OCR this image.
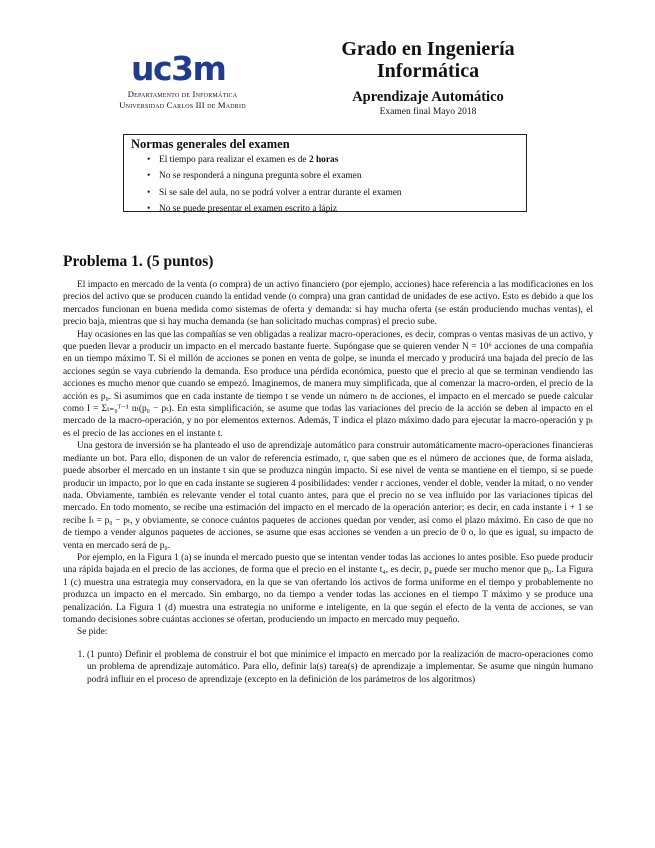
uc3m
Departamento de Informática
Universidad Carlos III de Madrid
Grado en Ingeniería
Informática
Aprendizaje Automático
Examen final Mayo 2018
Normas generales del examen
• El tiempo para realizar el examen es de 2 horas
• No se responderá a ninguna pregunta sobre el examen
• Si se sale del aula, no se podrá volver a entrar durante el examen
• No se puede presentar el examen escrito a lápiz
Problema 1. (5 puntos)

El impacto en mercado de la venta (o compra) de un activo financiero (por ejemplo, acciones) hace referencia a las modificaciones en los precios del activo que se producen cuando la entidad vende (o compra) una gran cantidad de unidades de ese activo. Esto es debido a que los mercados funcionan en buena medida como sistemas de oferta y demanda: si hay mucha oferta (se están produciendo muchas ventas), el precio baja, mientras que si hay mucha demanda (se han solicitado muchas compras) el precio sube.

Hay ocasiones en las que las compañías se ven obligadas a realizar macro-operaciones, es decir, compras o ventas masivas de un activo, y que pueden llevar a producir un impacto en el mercado bastante fuerte. Supóngase que se quieren vender N = 10⁶ acciones de una compañía en un tiempo máximo T. Si el millón de acciones se ponen en venta de golpe, se inunda el mercado y producirá una bajada del precio de las acciones según se vaya cubriendo la demanda. Eso produce una pérdida económica, puesto que el precio al que se terminan vendiendo las acciones es mucho menor que cuando se empezó. Imaginemos, de manera muy simplificada, que al comenzar la macro-orden, el precio de la acción es p₀. Si asumimos que en cada instante de tiempo t se vende un número nₜ de acciones, el impacto en el mercado se puede calcular como I = Σₜ₌₀ᵀ⁻¹ nₜ(p₀ − pₜ). En esta simplificación, se asume que todas las variaciones del precio de la acción se deben al impacto en el mercado de la macro-operación, y no por elementos externos. Además, T indica el plazo máximo dado para ejecutar la macro-operación y pₜ es el precio de las acciones en el instante t.

Una gestora de inversión se ha planteado el uso de aprendizaje automático para construir automáticamente macro-operaciones financieras mediante un bot. Para ello, disponen de un valor de referencia estimado, r, que saben que es el número de acciones que, de forma aislada, puede absorber el mercado en un instante t sin que se produzca ningún impacto. Si ese nivel de venta se mantiene en el tiempo, sí se puede producir un impacto, por lo que en cada instante se sugieren 4 posibilidades: vender r acciones, vender el doble, vender la mitad, o no vender nada. Obviamente, también es relevante vender el total cuanto antes, para que el precio no se vea influido por las variaciones típicas del mercado. En todo momento, se recibe una estimación del impacto en el mercado de la operación anterior; es decir, en cada instante i + 1 se recibe Iₜ = p₀ − pₜ, y obviamente, se conoce cuántos paquetes de acciones quedan por vender, así como el plazo máximo. En caso de que no de tiempo a vender algunos paquetes de acciones, se asume que esas acciones se venden a un precio de 0 o, lo que es igual, su impacto de venta en mercado será de p₀.

Por ejemplo, en la Figura 1 (a) se inunda el mercado puesto que se intentan vender todas las acciones lo antes posible. Eso puede producir una rápida bajada en el precio de las acciones, de forma que el precio en el instante t₄, es decir, p₄ puede ser mucho menor que p₀. La Figura 1 (c) muestra una estrategia muy conservadora, en la que se van ofertando los activos de forma uniforme en el tiempo y probablemente no produzca un impacto en el mercado. Sin embargo, no da tiempo a vender todas las acciones en el tiempo T máximo y se produce una penalización. La Figura 1 (d) muestra una estrategia no uniforme e inteligente, en la que según el efecto de la venta de acciones, se van tomando decisiones sobre cuántas acciones se ofertan, produciendo un impacto en mercado muy pequeño.

Se pide:

1. (1 punto) Definir el problema de construir el bot que minimice el impacto en mercado por la realización de macro-operaciones como un problema de aprendizaje automático. Para ello, definir la(s) tarea(s) de aprendizaje a implementar. Se asume que ningún humano podrá influir en el proceso de aprendizaje (excepto en la definición de los parámetros de los algoritmos)
